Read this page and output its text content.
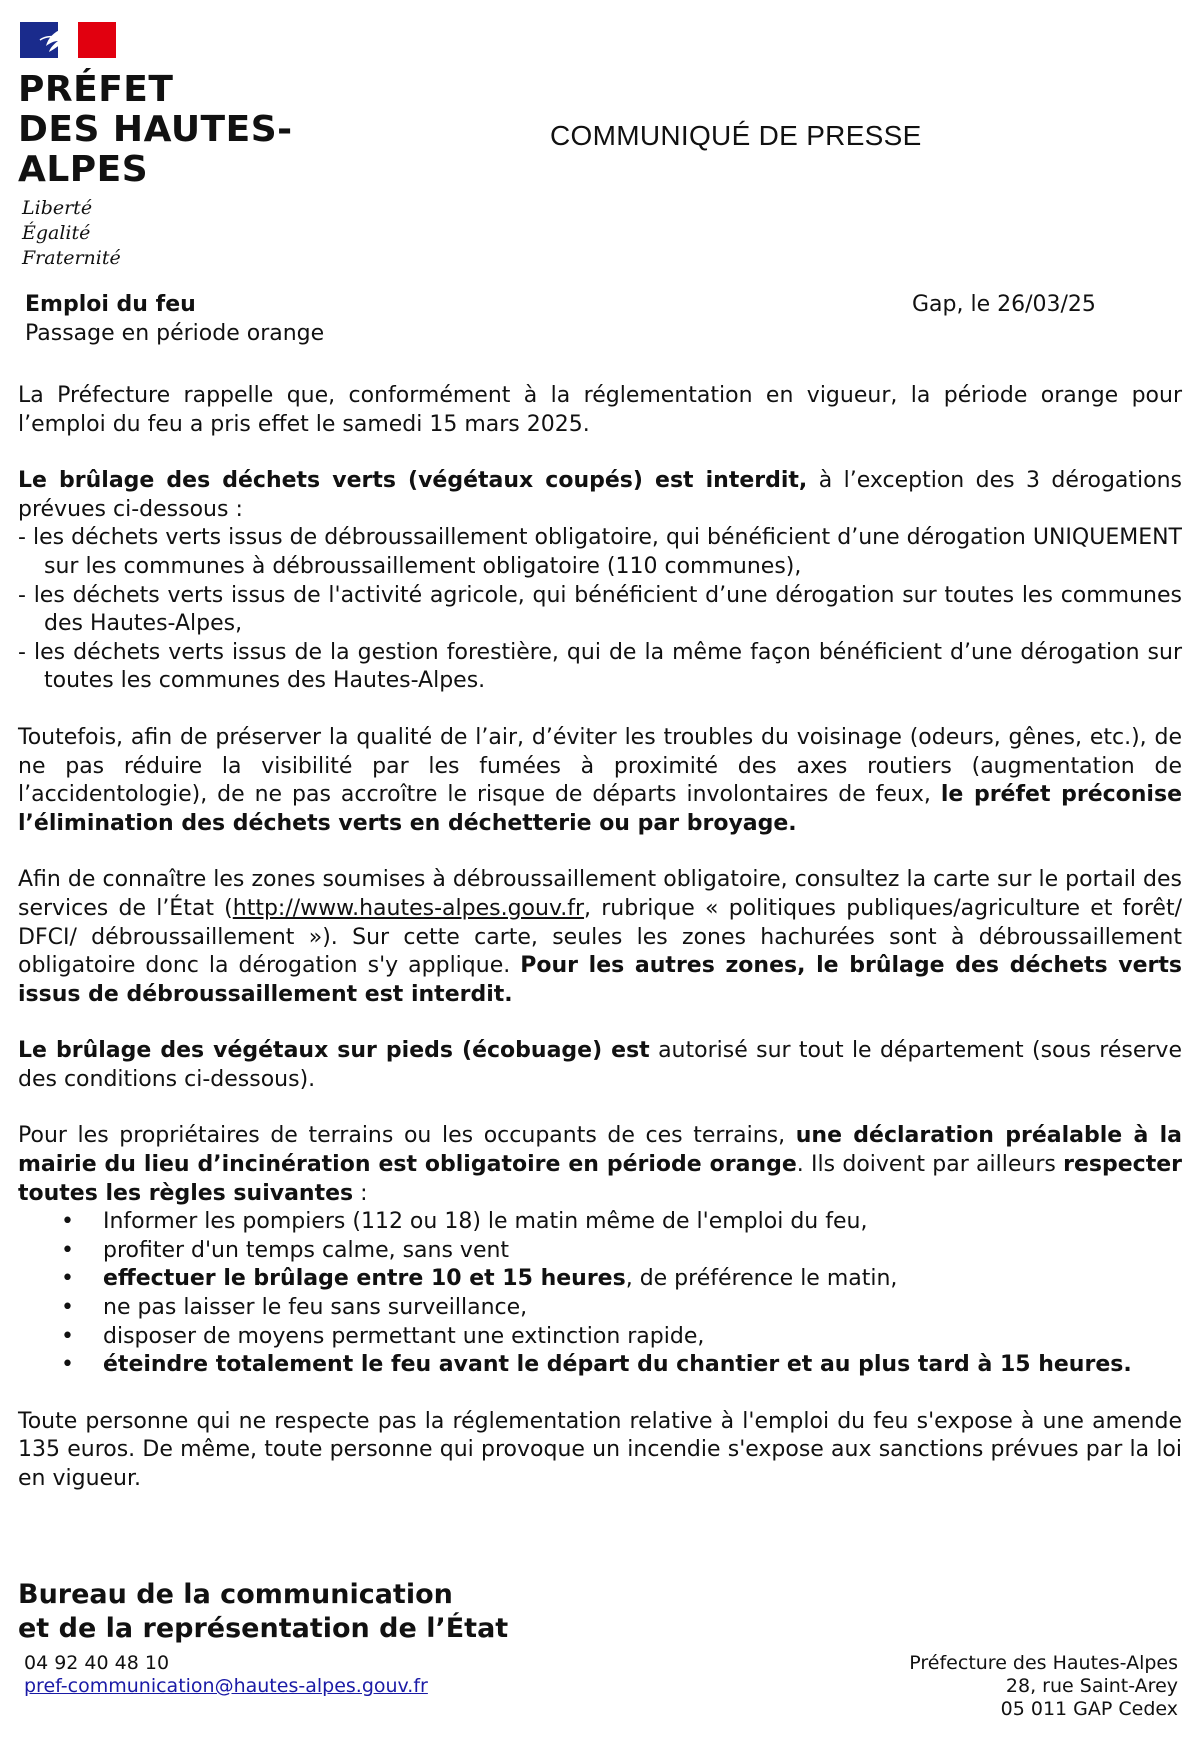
PRÉFET
DES HAUTES-
ALPES
Liberté
Égalité
Fraternité
COMMUNIQUÉ DE PRESSE
Emploi du feu
Passage en période orange
Gap, le 26/03/25

La Préfecture rappelle que, conformément à la réglementation en vigueur, la période orange pour l’emploi du feu a pris effet le samedi 15 mars 2025.

Le brûlage des déchets verts (végétaux coupés) est interdit, à l’exception des 3 dérogations prévues ci-dessous :
- les déchets verts issus de débroussaillement obligatoire, qui bénéficient d’une dérogation UNIQUEMENT sur les communes à débroussaillement obligatoire (110 communes),
- les déchets verts issus de l'activité agricole, qui bénéficient d’une dérogation sur toutes les communes des Hautes-Alpes,
- les déchets verts issus de la gestion forestière, qui de la même façon bénéficient d’une dérogation sur toutes les communes des Hautes-Alpes.

Toutefois, afin de préserver la qualité de l’air, d’éviter les troubles du voisinage (odeurs, gênes, etc.), de ne pas réduire la visibilité par les fumées à proximité des axes routiers (augmentation de l’accidentologie), de ne pas accroître le risque de départs involontaires de feux, le préfet préconise l’élimination des déchets verts en déchetterie ou par broyage.

Afin de connaître les zones soumises à débroussaillement obligatoire, consultez la carte sur le portail des services de l’État (http://www.hautes-alpes.gouv.fr, rubrique « politiques publiques/agriculture et forêt/ DFCI/ débroussaillement »). Sur cette carte, seules les zones hachurées sont à débroussaillement obligatoire donc la dérogation s'y applique. Pour les autres zones, le brûlage des déchets verts issus de débroussaillement est interdit.

Le brûlage des végétaux sur pieds (écobuage) est autorisé sur tout le département (sous réserve des conditions ci-dessous).

Pour les propriétaires de terrains ou les occupants de ces terrains, une déclaration préalable à la mairie du lieu d’incinération est obligatoire en période orange. Ils doivent par ailleurs respecter toutes les règles suivantes :
• Informer les pompiers (112 ou 18) le matin même de l'emploi du feu,
• profiter d'un temps calme, sans vent
• effectuer le brûlage entre 10 et 15 heures, de préférence le matin,
• ne pas laisser le feu sans surveillance,
• disposer de moyens permettant une extinction rapide,
• éteindre totalement le feu avant le départ du chantier et au plus tard à 15 heures.

Toute personne qui ne respecte pas la réglementation relative à l'emploi du feu s'expose à une amende 135 euros. De même, toute personne qui provoque un incendie s'expose aux sanctions prévues par la loi en vigueur.

Bureau de la communication
et de la représentation de l’État
04 92 40 48 10
pref-communication@hautes-alpes.gouv.fr
Préfecture des Hautes-Alpes
28, rue Saint-Arey
05 011 GAP Cedex
